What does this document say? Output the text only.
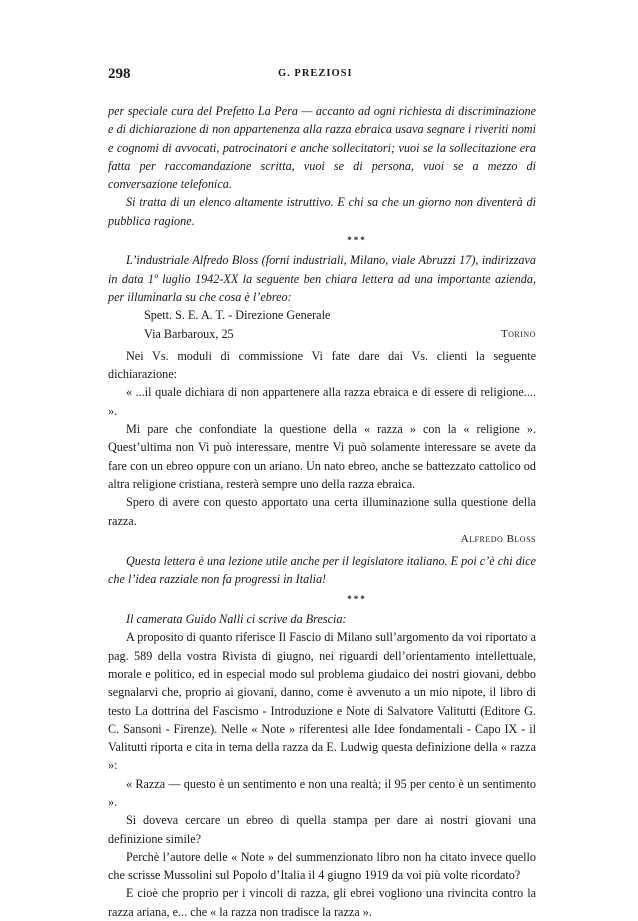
298	G. PREZIOSI

per speciale cura del Prefetto La Pera — accanto ad ogni richiesta di discriminazione e di dichiarazione di non appartenenza alla razza ebraica usava segnare i riveriti nomi e cognomi di avvocati, patrocinatori e anche sollecitatori; vuoi se la sollecitazione era fatta per raccomandazione scritta, vuoi se di persona, vuoi se a mezzo di conversazione telefonica.

Si tratta di un elenco altamente istruttivo. E chi sa che un giorno non diventerà di pubblica ragione.

***

L’industriale Alfredo Bloss (forni industriali, Milano, viale Abruzzi 17), indirizzava in data 1º luglio 1942-XX la seguente ben chiara lettera ad una importante azienda, per illuminarla su che cosa è l’ebreo:

Spett. S. E. A. T. - Direzione Generale
Via Barbaroux, 25	Torino

Nei Vs. moduli di commissione Vi fate dare dai Vs. clienti la seguente dichiarazione:

« ...il quale dichiara di non appartenere alla razza ebraica e di essere di religione.... ».

Mi pare che confondiate la questione della « razza » con la « religione ». Quest’ultima non Vi può interessare, mentre Vi può solamente interessare se avete da fare con un ebreo oppure con un ariano. Un nato ebreo, anche se battezzato cattolico od altra religione cristiana, resterà sempre uno della razza ebraica.

Spero di avere con questo apportato una certa illuminazione sulla questione della razza.

Alfredo Bloss

Questa lettera è una lezione utile anche per il legislatore italiano. E poi c’è chi dice che l’idea razziale non fa progressi in Italia!

***

Il camerata Guido Nalli ci scrive da Brescia:

A proposito di quanto riferisce Il Fascio di Milano sull’argomento da voi riportato a pag. 589 della vostra Rivista di giugno, nei riguardi dell’orientamento intellettuale, morale e politico, ed in especial modo sul problema giudaico dei nostri giovani, debbo segnalarvi che, proprio ai giovani, danno, come è avvenuto a un mio nipote, il libro di testo La dottrina del Fascismo - Introduzione e Note di Salvatore Valitutti (Editore G. C. Sansoni - Firenze). Nelle « Note » riferentesi alle Idee fondamentali - Capo IX - il Valitutti riporta e cita in tema della razza da E. Ludwig questa definizione della « razza »:

« Razza — questo è un sentimento e non una realtà; il 95 per cento è un sentimento ».

Si doveva cercare un ebreo di quella stampa per dare ai nostri giovani una definizione simile?

Perchè l’autore delle « Note » del summenzionato libro non ha citato invece quello che scrisse Mussolini sul Popolo d’Italia il 4 giugno 1919 da voi più volte ricordato?

E cioè che proprio per i vincoli di razza, gli ebrei vogliono una rivincita contro la razza ariana, e... che « la razza non tradisce la razza ».
